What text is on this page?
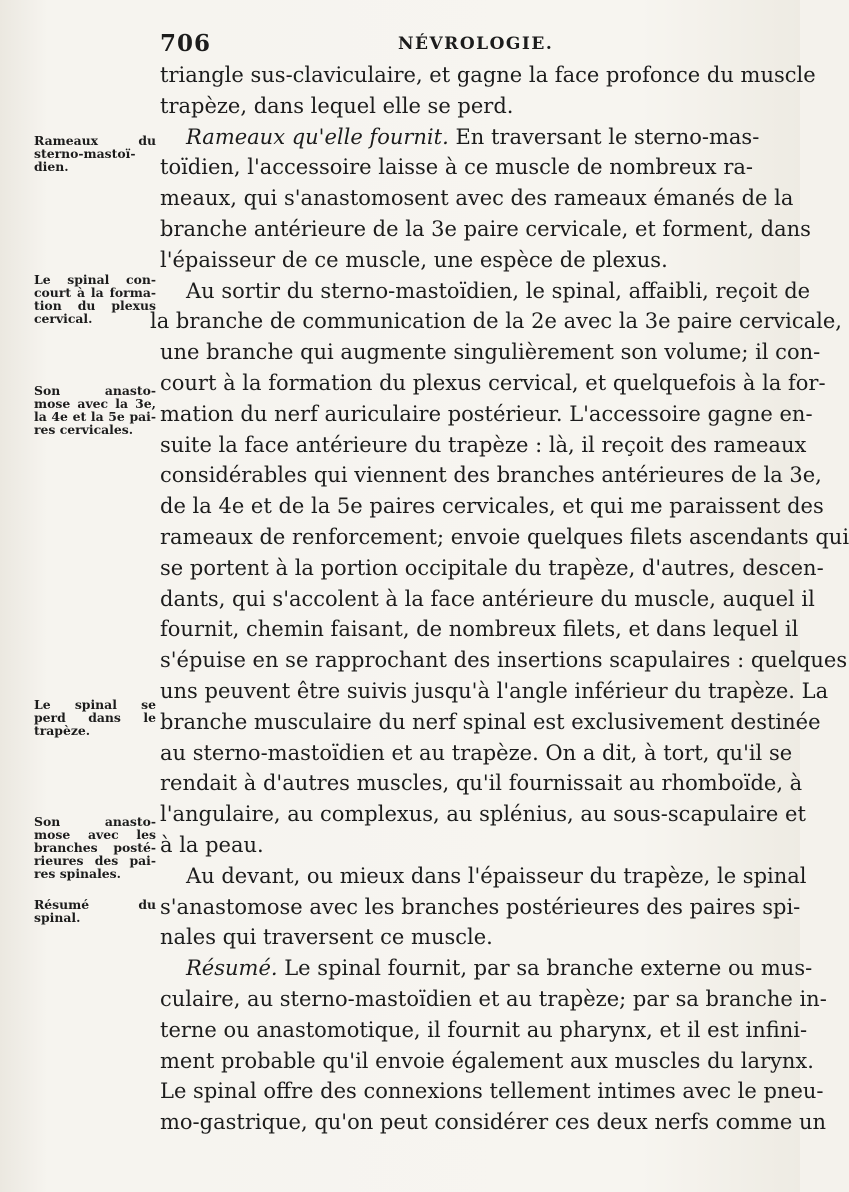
706	NÉVROLOGIE.
triangle sus-claviculaire, et gagne la face profonce du muscle
trapèze, dans lequel elle se perd.
Rameaux qu'elle fournit. En traversant le sterno-mas-
toïdien, l'accessoire laisse à ce muscle de nombreux ra-
meaux, qui s'anastomosent avec des rameaux émanés de la
branche antérieure de la 3e paire cervicale, et forment, dans
l'épaisseur de ce muscle, une espèce de plexus.
Au sortir du sterno-mastoïdien, le spinal, affaibli, reçoit de
la branche de communication de la 2e avec la 3e paire cervicale,
une branche qui augmente singulièrement son volume; il con-
court à la formation du plexus cervical, et quelquefois à la for-
mation du nerf auriculaire postérieur. L'accessoire gagne en-
suite la face antérieure du trapèze : là, il reçoit des rameaux
considérables qui viennent des branches antérieures de la 3e,
de la 4e et de la 5e paires cervicales, et qui me paraissent des
rameaux de renforcement; envoie quelques filets ascendants qui
se portent à la portion occipitale du trapèze, d'autres, descen-
dants, qui s'accolent à la face antérieure du muscle, auquel il
fournit, chemin faisant, de nombreux filets, et dans lequel il
s'épuise en se rapprochant des insertions scapulaires : quelques
uns peuvent être suivis jusqu'à l'angle inférieur du trapèze. La
branche musculaire du nerf spinal est exclusivement destinée
au sterno-mastoïdien et au trapèze. On a dit, à tort, qu'il se
rendait à d'autres muscles, qu'il fournissait au rhomboïde, à
l'angulaire, au complexus, au splénius, au sous-scapulaire et
à la peau.
Au devant, ou mieux dans l'épaisseur du trapèze, le spinal
s'anastomose avec les branches postérieures des paires spi-
nales qui traversent ce muscle.
Résumé. Le spinal fournit, par sa branche externe ou mus-
culaire, au sterno-mastoïdien et au trapèze; par sa branche in-
terne ou anastomotique, il fournit au pharynx, et il est infini-
ment probable qu'il envoie également aux muscles du larynx.
Le spinal offre des connexions tellement intimes avec le pneu-
mo-gastrique, qu'on peut considérer ces deux nerfs comme un
Rameaux du
sterno-mastoï-
dien.
Le spinal con-
court à la forma-
tion du plexus
cervical.
Son anasto-
mose avec la 3e,
la 4e et la 5e pai-
res cervicales.
Le spinal se
perd dans le
trapèze.
Son anasto-
mose avec les
branches posté-
rieures des pai-
res spinales.
Résumé du
spinal.
